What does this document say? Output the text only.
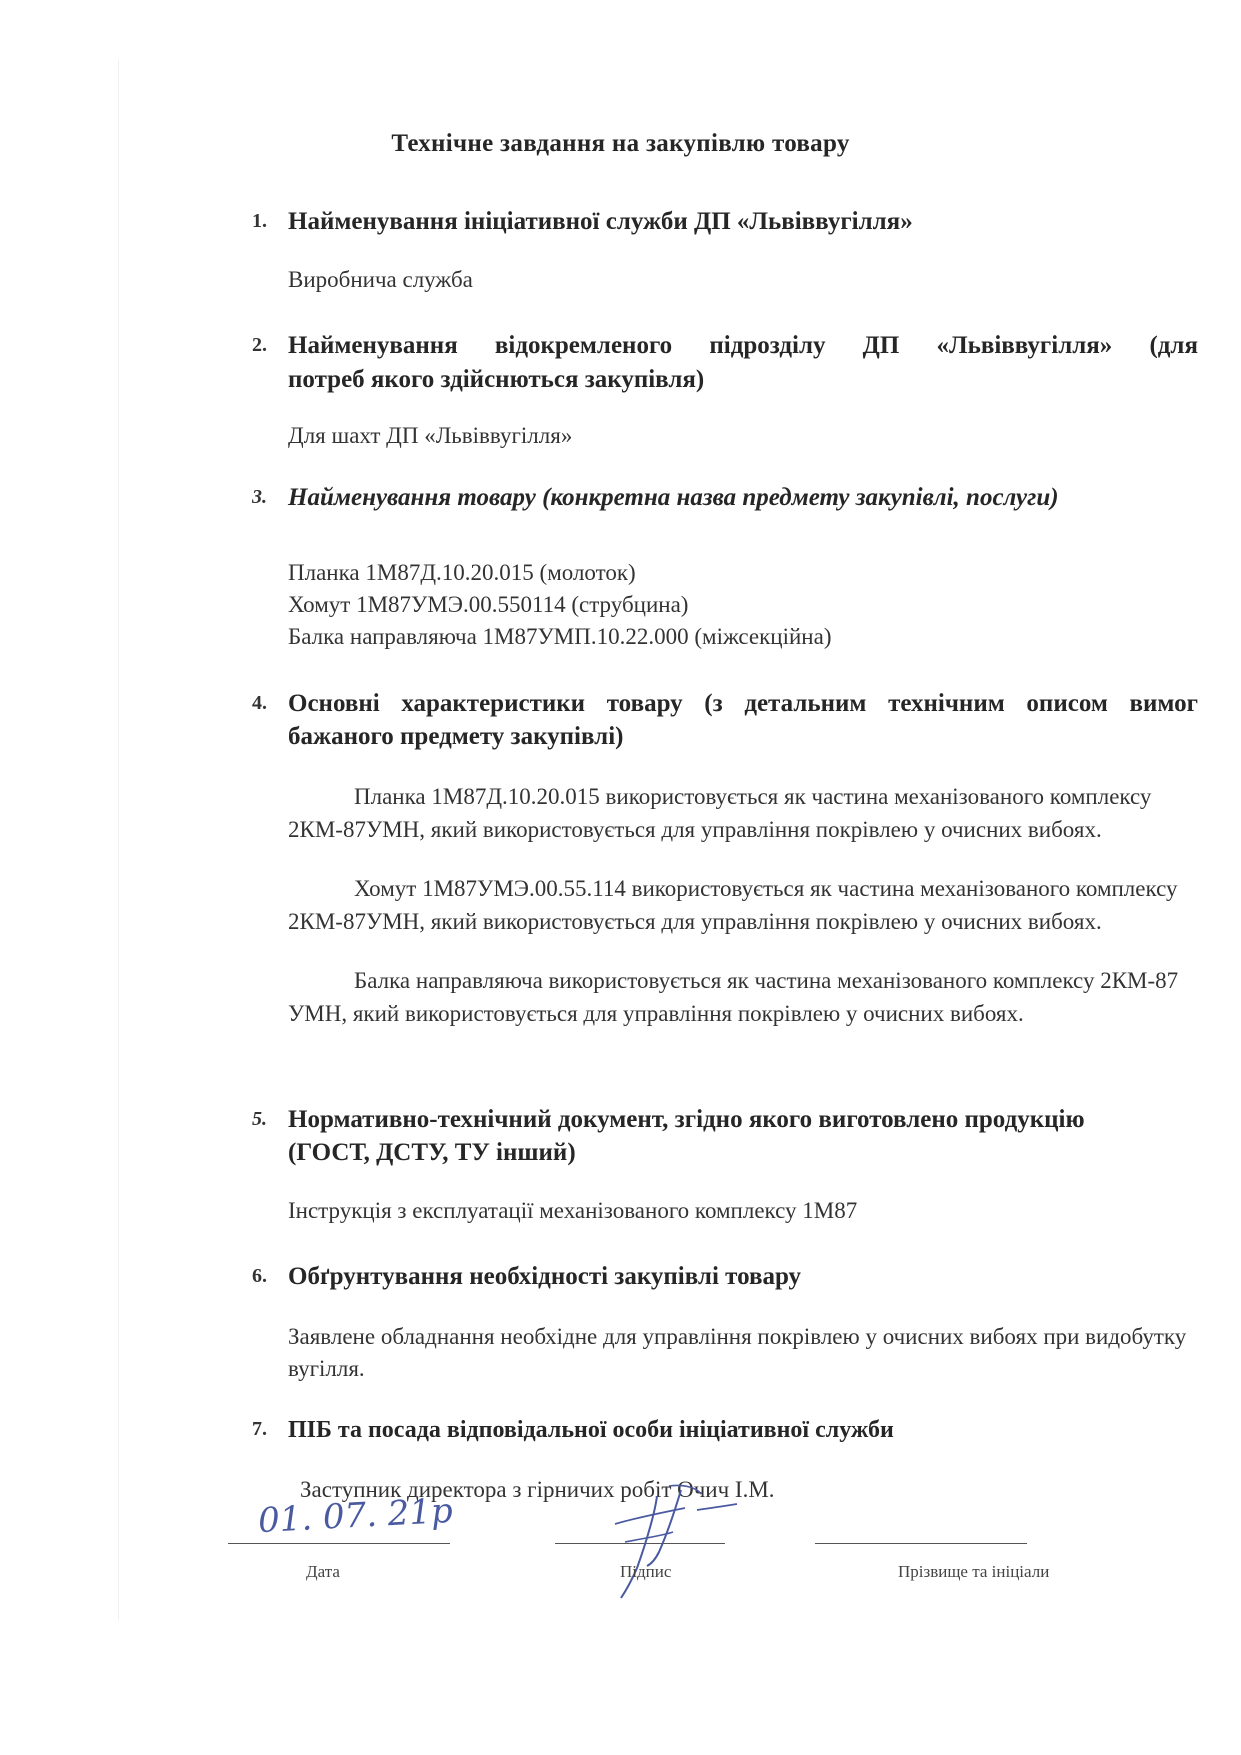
Технічне завдання на закупівлю товару
1. Найменування ініціативної служби ДП «Львіввугілля»
Виробнича служба
2. Найменування відокремленого підрозділу ДП «Львіввугілля» (для
потреб якого здійснються закупівля)
Для шахт ДП «Львіввугілля»
3. Найменування товару (конкретна назва предмету закупівлі, послуги)
Планка 1М87Д.10.20.015 (молоток)
Хомут 1М87УМЭ.00.550114 (струбцина)
Балка направляюча 1М87УМП.10.22.000 (міжсекційна)
4. Основні характеристики товару (з детальним технічним описом вимог
бажаного предмету закупівлі)
Планка 1М87Д.10.20.015 використовується як частина механізованого комплексу 2КМ-87УМН, який використовується для управління покрівлею у очисних вибоях.
Хомут 1М87УМЭ.00.55.114 використовується як частина механізованого комплексу 2КМ-87УМН, який використовується для управління покрівлею у очисних вибоях.
Балка направляюча використовується як частина механізованого комплексу 2КМ-87 УМН, який використовується для управління покрівлею у очисних вибоях.
5. Нормативно-технічний документ, згідно якого виготовлено продукцію
(ГОСТ, ДСТУ, ТУ інший)
Інструкція з експлуатації механізованого комплексу 1М87
6. Обґрунтування необхідності закупівлі товару
Заявлене обладнання необхідне для управління покрівлею у очисних вибоях при видобутку вугілля.
7. ПІБ та посада відповідальної особи ініціативної служби
Заступник директора з гірничих робіт Очич І.М.
01. 07. 21р
Дата	Підпис	Прізвище та ініціали
